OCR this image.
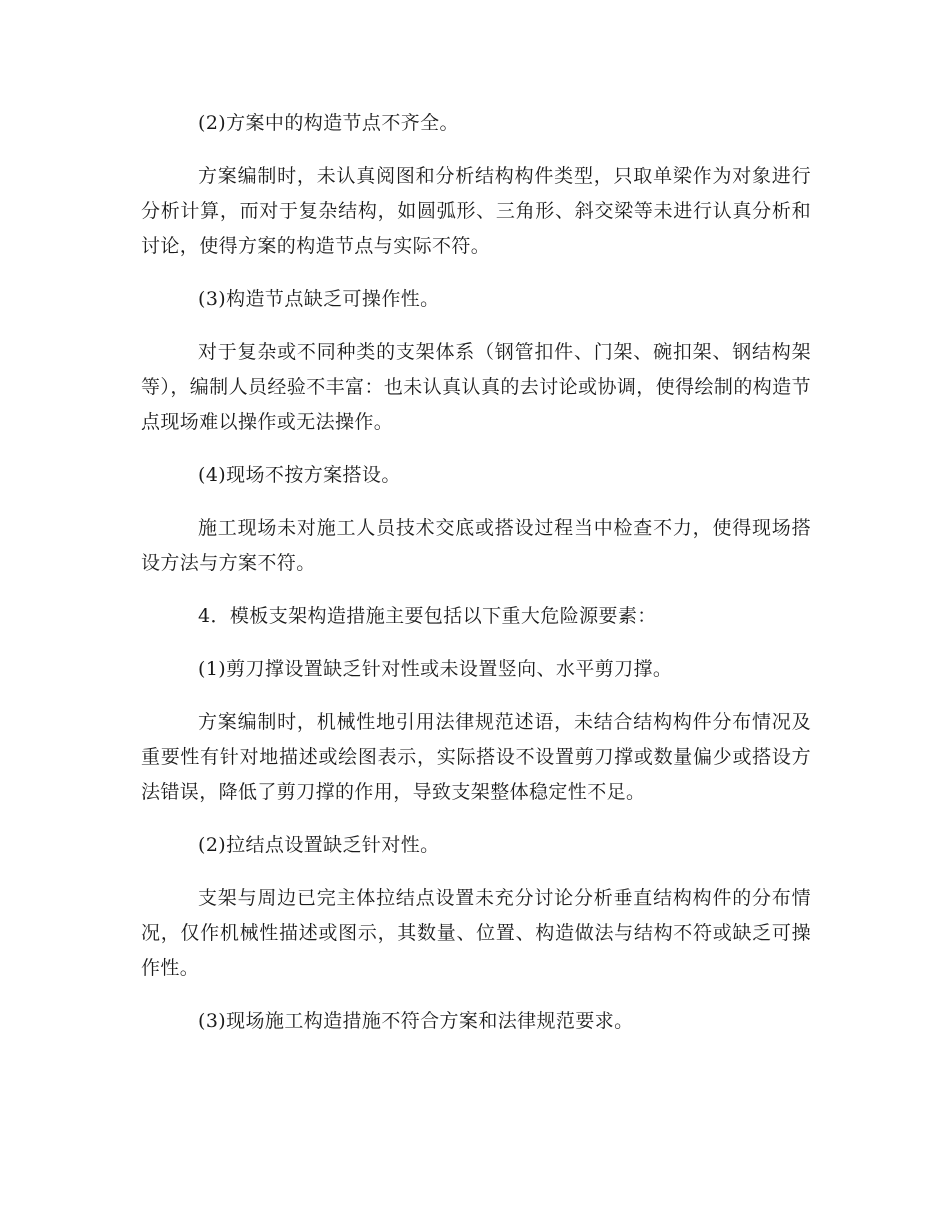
(2)方案中的构造节点不齐全。

方案编制时，未认真阅图和分析结构构件类型，只取单梁作为对象进行分析计算，而对于复杂结构，如圆弧形、三角形、斜交梁等未进行认真分析和讨论，使得方案的构造节点与实际不符。

(3)构造节点缺乏可操作性。

对于复杂或不同种类的支架体系（钢管扣件、门架、碗扣架、钢结构架等），编制人员经验不丰富：也未认真认真的去讨论或协调，使得绘制的构造节点现场难以操作或无法操作。

(4)现场不按方案搭设。

施工现场未对施工人员技术交底或搭设过程当中检查不力，使得现场搭设方法与方案不符。

4．模板支架构造措施主要包括以下重大危险源要素：

(1)剪刀撑设置缺乏针对性或未设置竖向、水平剪刀撑。

方案编制时，机械性地引用法律规范述语，未结合结构构件分布情况及重要性有针对地描述或绘图表示，实际搭设不设置剪刀撑或数量偏少或搭设方法错误，降低了剪刀撑的作用，导致支架整体稳定性不足。

(2)拉结点设置缺乏针对性。

支架与周边已完主体拉结点设置未充分讨论分析垂直结构构件的分布情况，仅作机械性描述或图示，其数量、位置、构造做法与结构不符或缺乏可操作性。

(3)现场施工构造措施不符合方案和法律规范要求。
